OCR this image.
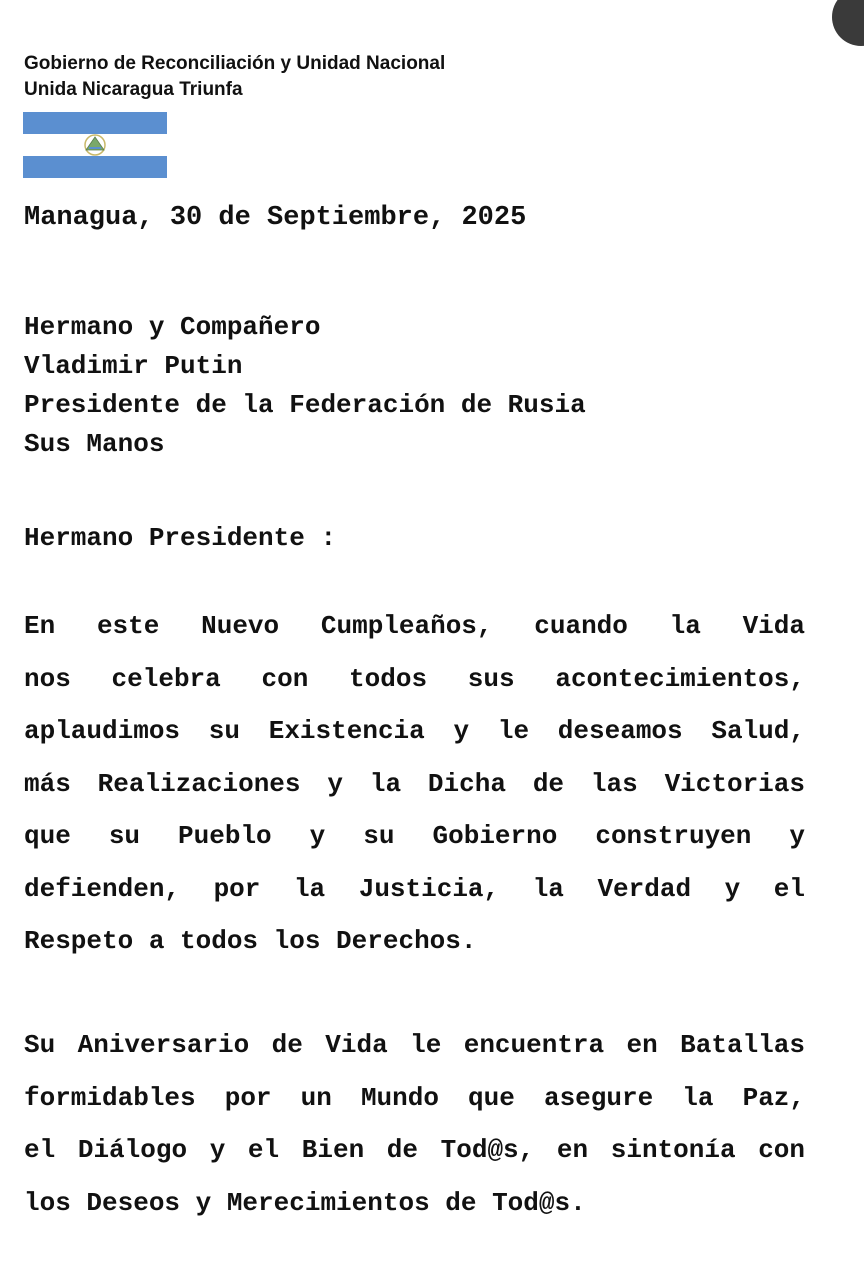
Gobierno de Reconciliación y Unidad Nacional
Unida Nicaragua Triunfa
Managua, 30 de Septiembre, 2025
Hermano y Compañero
Vladimir Putin
Presidente de la Federación de Rusia
Sus Manos
Hermano Presidente :
En este Nuevo Cumpleaños, cuando la Vida
nos celebra con todos sus acontecimientos,
aplaudimos su Existencia y le deseamos Salud,
más Realizaciones y la Dicha de las Victorias
que su Pueblo y su Gobierno construyen y
defienden, por la Justicia, la Verdad y el
Respeto a todos los Derechos.
Su Aniversario de Vida le encuentra en Batallas
formidables por un Mundo que asegure la Paz,
el Diálogo y el Bien de Tod@s, en sintonía con
los Deseos y Merecimientos de Tod@s.
